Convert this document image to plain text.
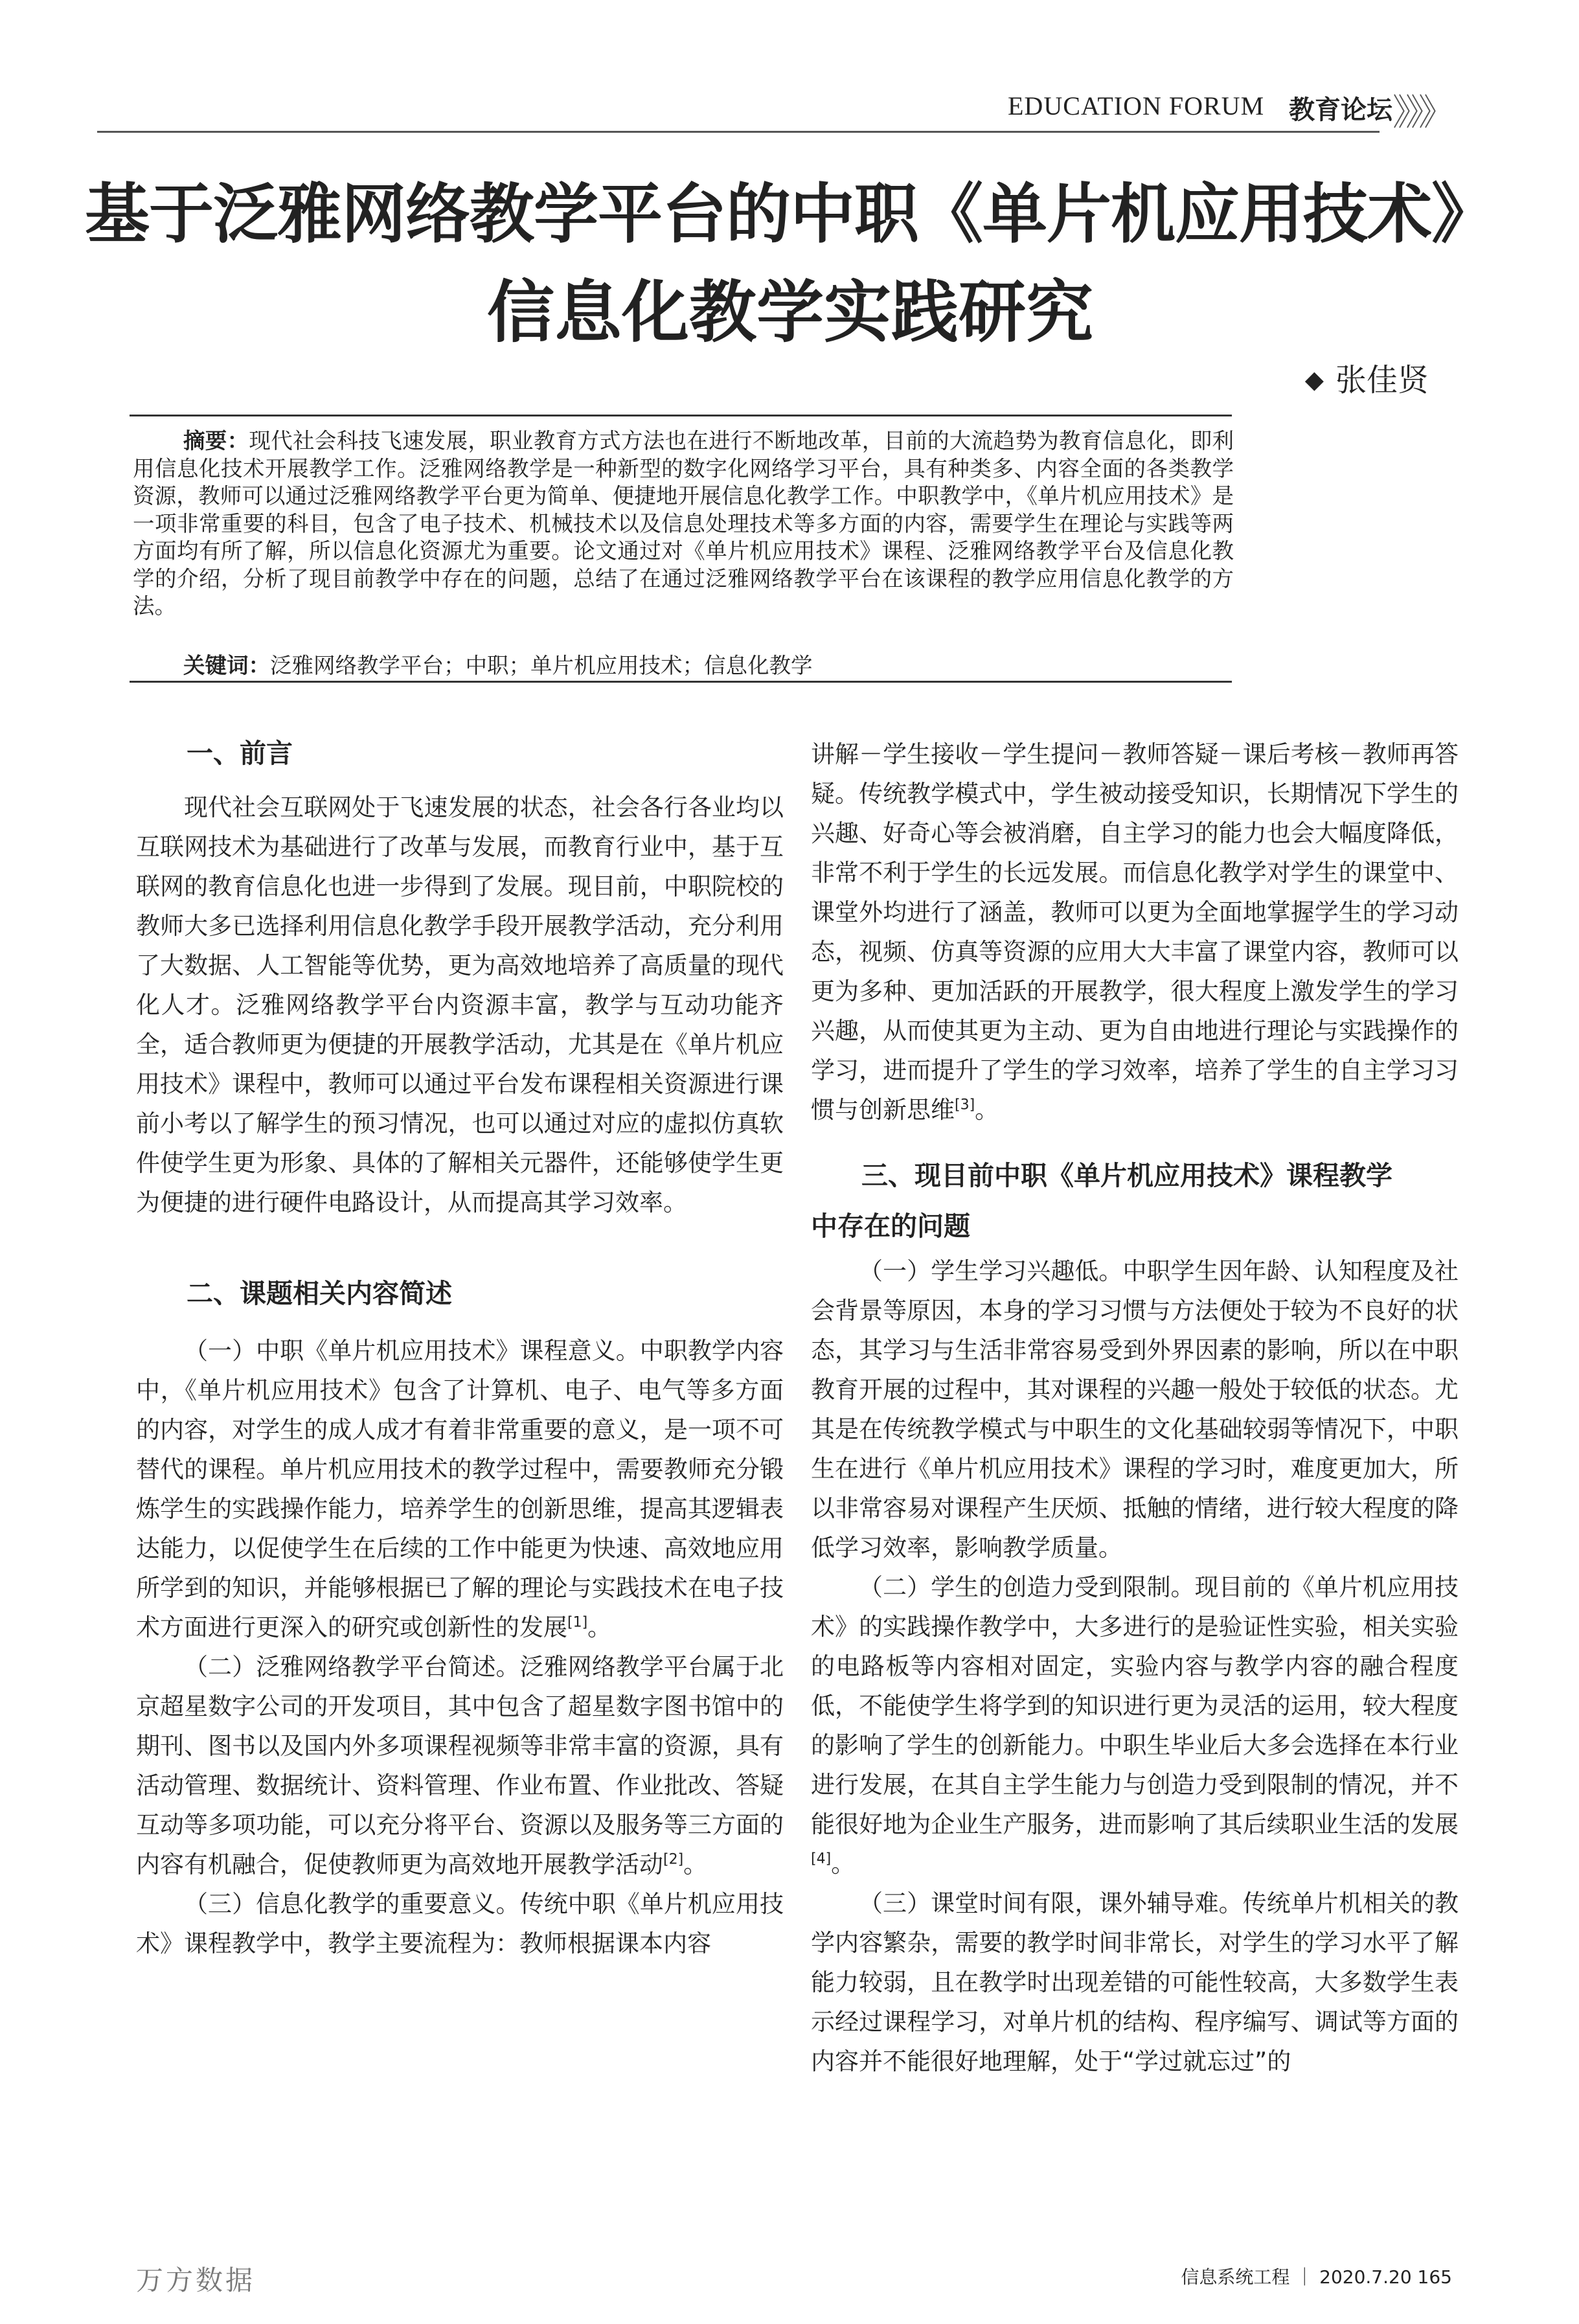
EDUCATION FORUM 教育论坛 》》》
基于泛雅网络教学平台的中职《单片机应用技术》
信息化教学实践研究
◆ 张佳贤
摘要：现代社会科技飞速发展，职业教育方式方法也在进行不断地改革，目前的大流趋势为教育信息化，即利用信息化技术开展教学工作。泛雅网络教学是一种新型的数字化网络学习平台，具有种类多、内容全面的各类教学资源，教师可以通过泛雅网络教学平台更为简单、便捷地开展信息化教学工作。中职教学中，《单片机应用技术》是一项非常重要的科目，包含了电子技术、机械技术以及信息处理技术等多方面的内容，需要学生在理论与实践等两方面均有所了解，所以信息化资源尤为重要。论文通过对《单片机应用技术》课程、泛雅网络教学平台及信息化教学的介绍，分析了现目前教学中存在的问题，总结了在通过泛雅网络教学平台在该课程的教学应用信息化教学的方法。
关键词：泛雅网络教学平台；中职；单片机应用技术；信息化教学
一、前言

现代社会互联网处于飞速发展的状态，社会各行各业均以互联网技术为基础进行了改革与发展，而教育行业中，基于互联网的教育信息化也进一步得到了发展。现目前，中职院校的教师大多已选择利用信息化教学手段开展教学活动，充分利用了大数据、人工智能等优势，更为高效地培养了高质量的现代化人才。泛雅网络教学平台内资源丰富，教学与互动功能齐全，适合教师更为便捷的开展教学活动，尤其是在《单片机应用技术》课程中，教师可以通过平台发布课程相关资源进行课前小考以了解学生的预习情况，也可以通过对应的虚拟仿真软件使学生更为形象、具体的了解相关元器件，还能够使学生更为便捷的进行硬件电路设计，从而提高其学习效率。

二、课题相关内容简述

（一）中职《单片机应用技术》课程意义。中职教学内容中，《单片机应用技术》包含了计算机、电子、电气等多方面的内容，对学生的成人成才有着非常重要的意义，是一项不可替代的课程。单片机应用技术的教学过程中，需要教师充分锻炼学生的实践操作能力，培养学生的创新思维，提高其逻辑表达能力，以促使学生在后续的工作中能更为快速、高效地应用所学到的知识，并能够根据已了解的理论与实践技术在电子技术方面进行更深入的研究或创新性的发展[1]。

（二）泛雅网络教学平台简述。泛雅网络教学平台属于北京超星数字公司的开发项目，其中包含了超星数字图书馆中的期刊、图书以及国内外多项课程视频等非常丰富的资源，具有活动管理、数据统计、资料管理、作业布置、作业批改、答疑互动等多项功能，可以充分将平台、资源以及服务等三方面的内容有机融合，促使教师更为高效地开展教学活动[2]。

（三）信息化教学的重要意义。传统中职《单片机应用技术》课程教学中，教学主要流程为：教师根据课本内容

讲解－学生接收－学生提问－教师答疑－课后考核－教师再答疑。传统教学模式中，学生被动接受知识，长期情况下学生的兴趣、好奇心等会被消磨，自主学习的能力也会大幅度降低，非常不利于学生的长远发展。而信息化教学对学生的课堂中、课堂外均进行了涵盖，教师可以更为全面地掌握学生的学习动态，视频、仿真等资源的应用大大丰富了课堂内容，教师可以更为多种、更加活跃的开展教学，很大程度上激发学生的学习兴趣，从而使其更为主动、更为自由地进行理论与实践操作的学习，进而提升了学生的学习效率，培养了学生的自主学习习惯与创新思维[3]。

三、现目前中职《单片机应用技术》课程教学
中存在的问题

（一）学生学习兴趣低。中职学生因年龄、认知程度及社会背景等原因，本身的学习习惯与方法便处于较为不良好的状态，其学习与生活非常容易受到外界因素的影响，所以在中职教育开展的过程中，其对课程的兴趣一般处于较低的状态。尤其是在传统教学模式与中职生的文化基础较弱等情况下，中职生在进行《单片机应用技术》课程的学习时，难度更加大，所以非常容易对课程产生厌烦、抵触的情绪，进行较大程度的降低学习效率，影响教学质量。

（二）学生的创造力受到限制。现目前的《单片机应用技术》的实践操作教学中，大多进行的是验证性实验，相关实验的电路板等内容相对固定，实验内容与教学内容的融合程度低，不能使学生将学到的知识进行更为灵活的运用，较大程度的影响了学生的创新能力。中职生毕业后大多会选择在本行业进行发展，在其自主学生能力与创造力受到限制的情况，并不能很好地为企业生产服务，进而影响了其后续职业生活的发展[4]。

（三）课堂时间有限，课外辅导难。传统单片机相关的教学内容繁杂，需要的教学时间非常长，对学生的学习水平了解能力较弱，且在教学时出现差错的可能性较高，大多数学生表示经过课程学习，对单片机的结构、程序编写、调试等方面的内容并不能很好地理解，处于“学过就忘过”的

万方数据	信息系统工程 ｜ 2020.7.20 165
